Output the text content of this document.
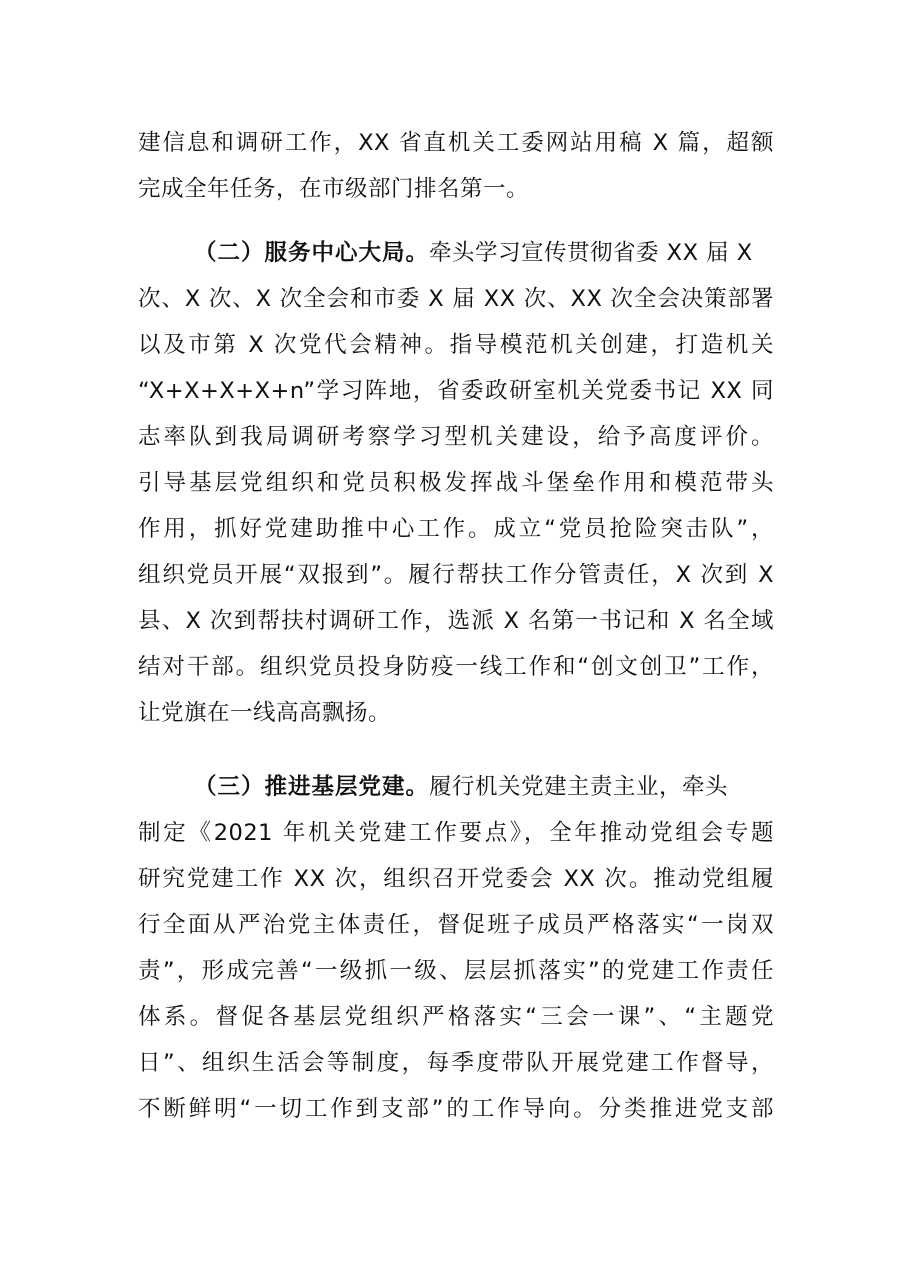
建信息和调研工作，XX 省直机关工委网站用稿 X 篇，超额
完成全年任务，在市级部门排名第一。
（二）服务中心大局。牵头学习宣传贯彻省委 XX 届 X
次、X 次、X 次全会和市委 X 届 XX 次、XX 次全会决策部署
以及市第 X 次党代会精神。指导模范机关创建，打造机关
“X+X+X+X+n”学习阵地，省委政研室机关党委书记 XX 同
志率队到我局调研考察学习型机关建设，给予高度评价。
引导基层党组织和党员积极发挥战斗堡垒作用和模范带头
作用，抓好党建助推中心工作。成立“党员抢险突击队”，
组织党员开展“双报到”。履行帮扶工作分管责任，X 次到 X
县、X 次到帮扶村调研工作，选派 X 名第一书记和 X 名全域
结对干部。组织党员投身防疫一线工作和“创文创卫”工作，
让党旗在一线高高飘扬。
（三）推进基层党建。履行机关党建主责主业，牵头
制定《2021 年机关党建工作要点》，全年推动党组会专题
研究党建工作 XX 次，组织召开党委会 XX 次。推动党组履
行全面从严治党主体责任，督促班子成员严格落实“一岗双
责”，形成完善“一级抓一级、层层抓落实”的党建工作责任
体系。督促各基层党组织严格落实“三会一课”、“主题党
日”、组织生活会等制度，每季度带队开展党建工作督导，
不断鲜明“一切工作到支部”的工作导向。分类推进党支部
